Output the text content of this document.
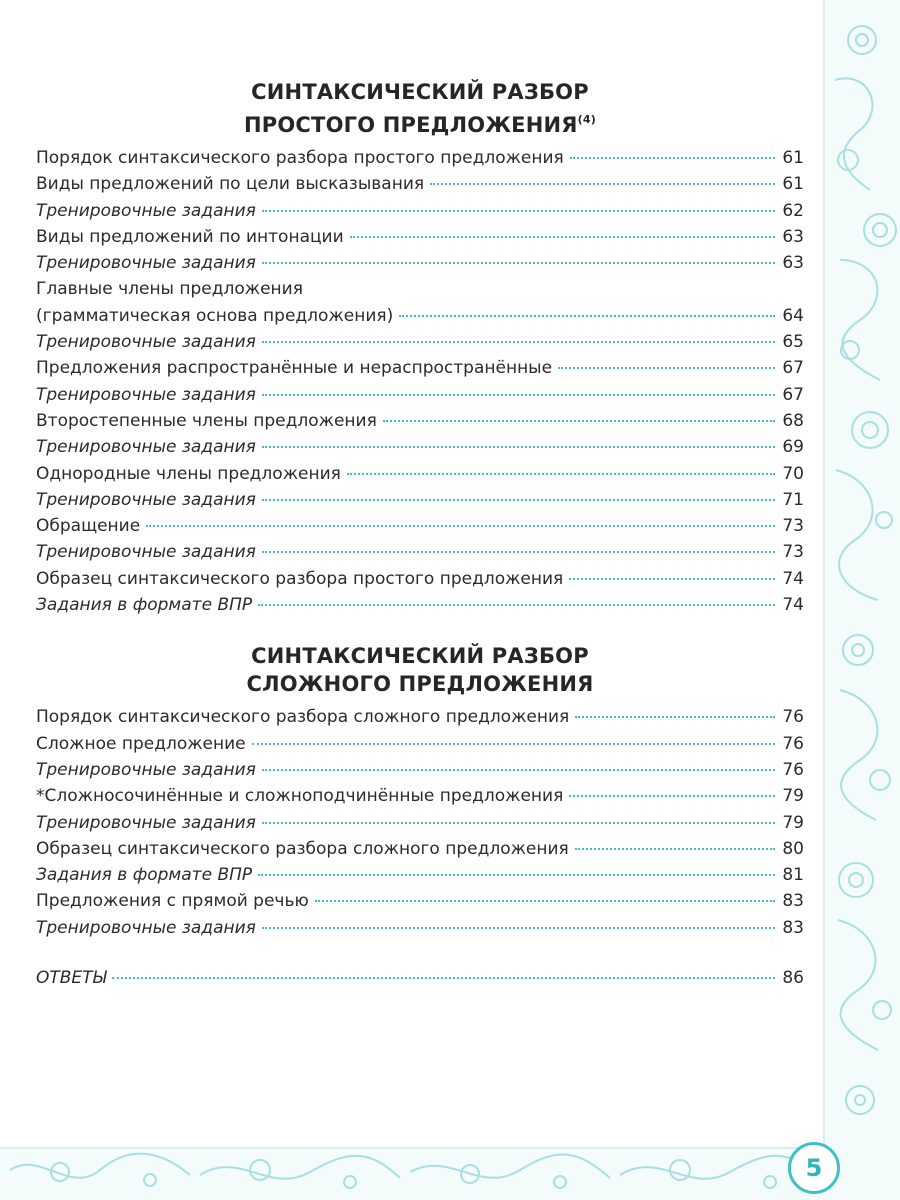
СИНТАКСИЧЕСКИЙ РАЗБОР
ПРОСТОГО ПРЕДЛОЖЕНИЯ$^{(4)}$
Порядок синтаксического разбора простого предложения	61
Виды предложений по цели высказывания	61
Тренировочные задания	62
Виды предложений по интонации	63
Тренировочные задания	63
Главные члены предложения
(грамматическая основа предложения)	64
Тренировочные задания	65
Предложения распространённые и нераспространённые	67
Тренировочные задания	67
Второстепенные члены предложения	68
Тренировочные задания	69
Однородные члены предложения	70
Тренировочные задания	71
Обращение	73
Тренировочные задания	73
Образец синтаксического разбора простого предложения	74
Задания в формате ВПР	74
СИНТАКСИЧЕСКИЙ РАЗБОР
СЛОЖНОГО ПРЕДЛОЖЕНИЯ
Порядок синтаксического разбора сложного предложения	76
Сложное предложение	76
Тренировочные задания	76
*Сложносочинённые и сложноподчинённые предложения	79
Тренировочные задания	79
Образец синтаксического разбора сложного предложения	80
Задания в формате ВПР	81
Предложения с прямой речью	83
Тренировочные задания	83
ОТВЕТЫ	86
5
